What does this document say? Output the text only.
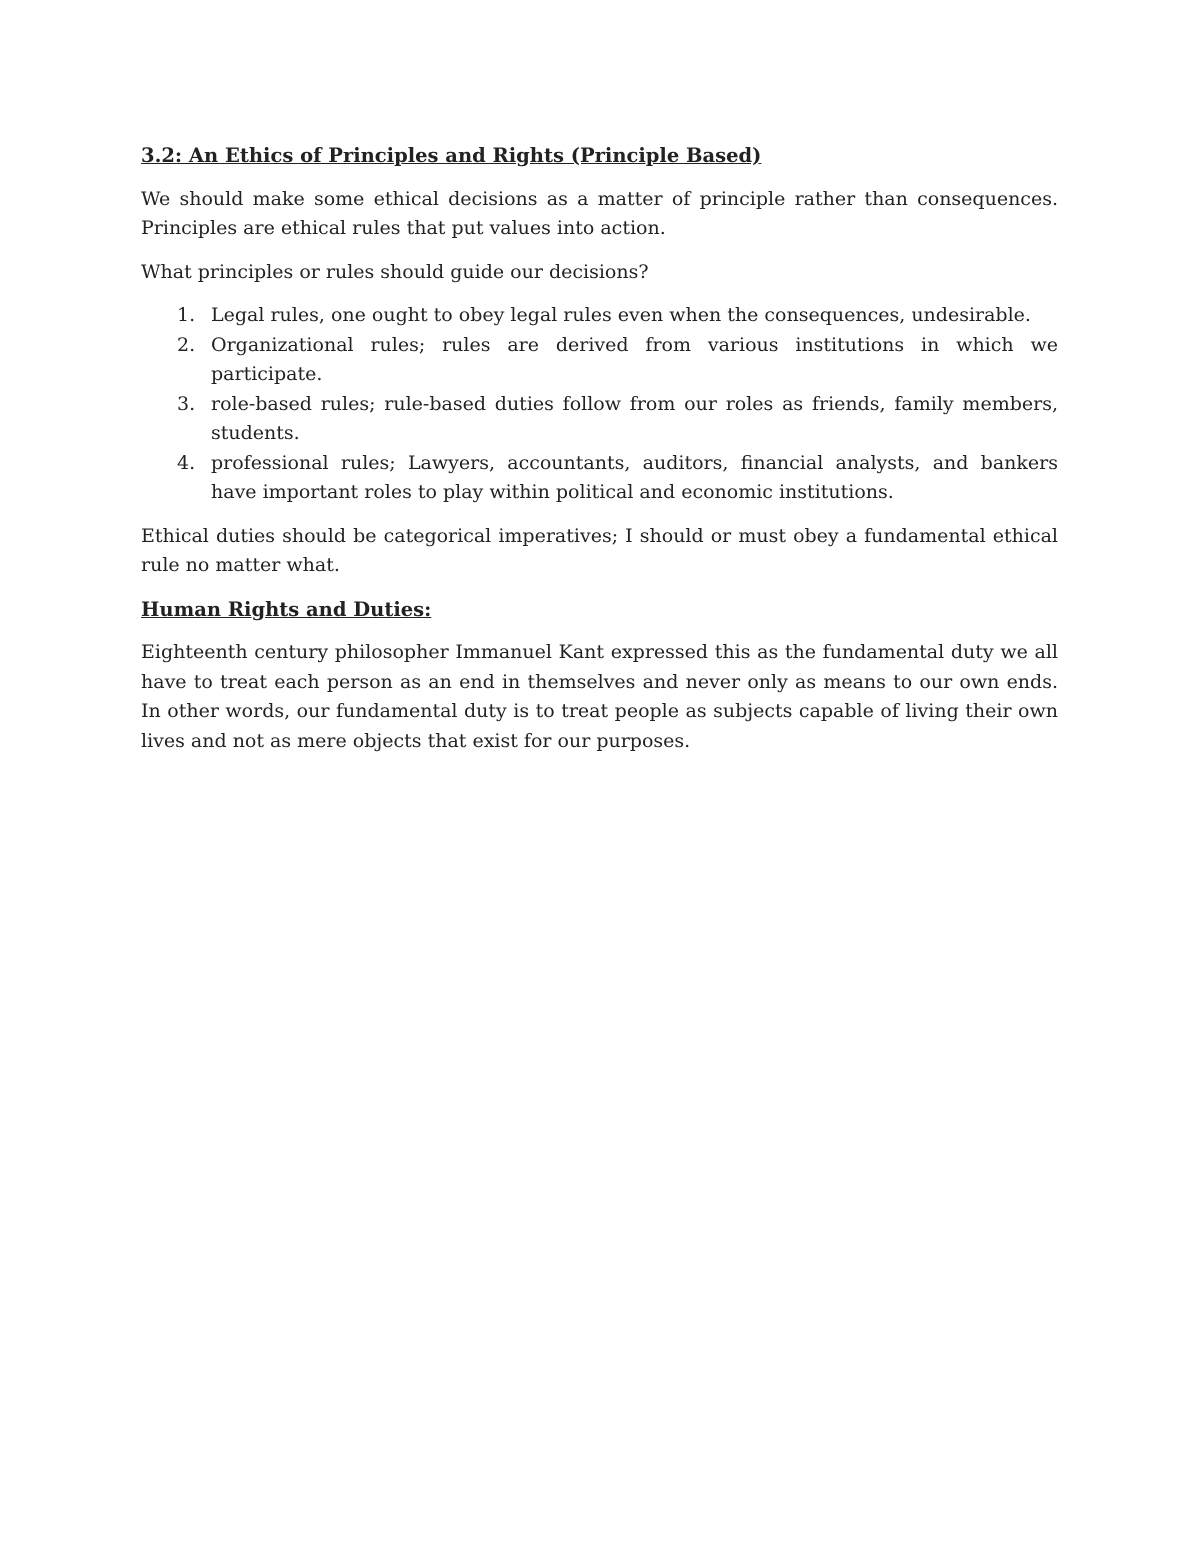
3.2: An Ethics of Principles and Rights (Principle Based)

We should make some ethical decisions as a matter of principle rather than consequences. Principles are ethical rules that put values into action.

What principles or rules should guide our decisions?

1. Legal rules, one ought to obey legal rules even when the consequences, undesirable.
2. Organizational rules; rules are derived from various institutions in which we participate.
3. role-based rules; rule-based duties follow from our roles as friends, family members, students.
4. professional rules; Lawyers, accountants, auditors, financial analysts, and bankers have important roles to play within political and economic institutions.

Ethical duties should be categorical imperatives; I should or must obey a fundamental ethical rule no matter what.

Human Rights and Duties:

Eighteenth century philosopher Immanuel Kant expressed this as the fundamental duty we all have to treat each person as an end in themselves and never only as means to our own ends. In other words, our fundamental duty is to treat people as subjects capable of living their own lives and not as mere objects that exist for our purposes.
